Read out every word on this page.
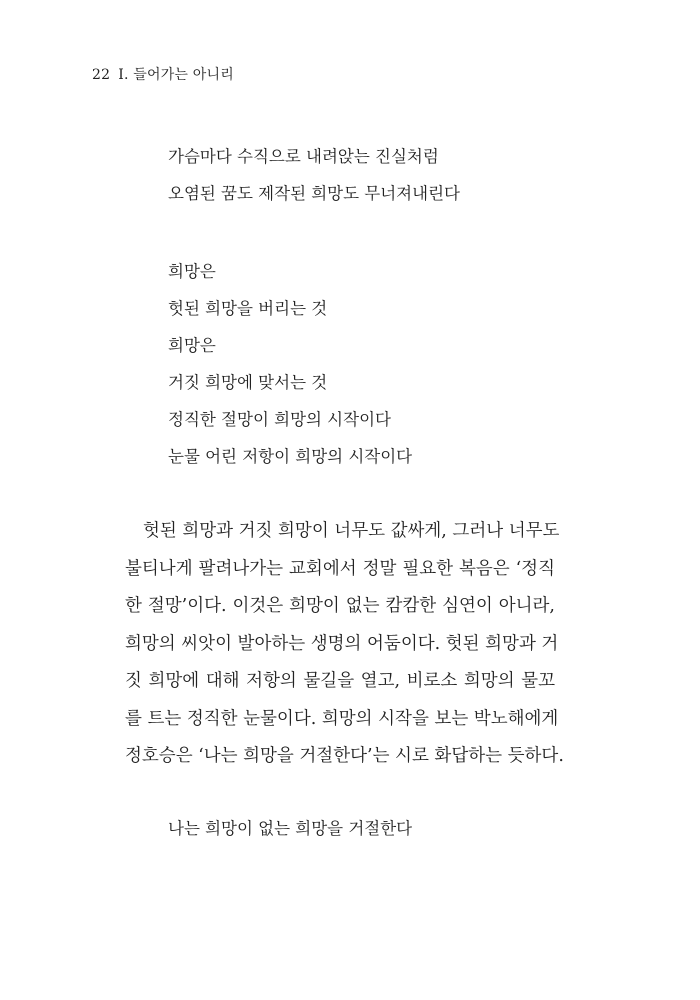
22 I. 들어가는 아니리
가슴마다 수직으로 내려앉는 진실처럼
오염된 꿈도 제작된 희망도 무너져내린다
희망은
헛된 희망을 버리는 것
희망은
거짓 희망에 맞서는 것
정직한 절망이 희망의 시작이다
눈물 어린 저항이 희망의 시작이다
헛된 희망과 거짓 희망이 너무도 값싸게, 그러나 너무도
불티나게 팔려나가는 교회에서 정말 필요한 복음은 ‘정직
한 절망’이다. 이것은 희망이 없는 캄캄한 심연이 아니라,
희망의 씨앗이 발아하는 생명의 어둠이다. 헛된 희망과 거
짓 희망에 대해 저항의 물길을 열고, 비로소 희망의 물꼬
를 트는 정직한 눈물이다. 희망의 시작을 보는 박노해에게
정호승은 ‘나는 희망을 거절한다’는 시로 화답하는 듯하다.
나는 희망이 없는 희망을 거절한다
